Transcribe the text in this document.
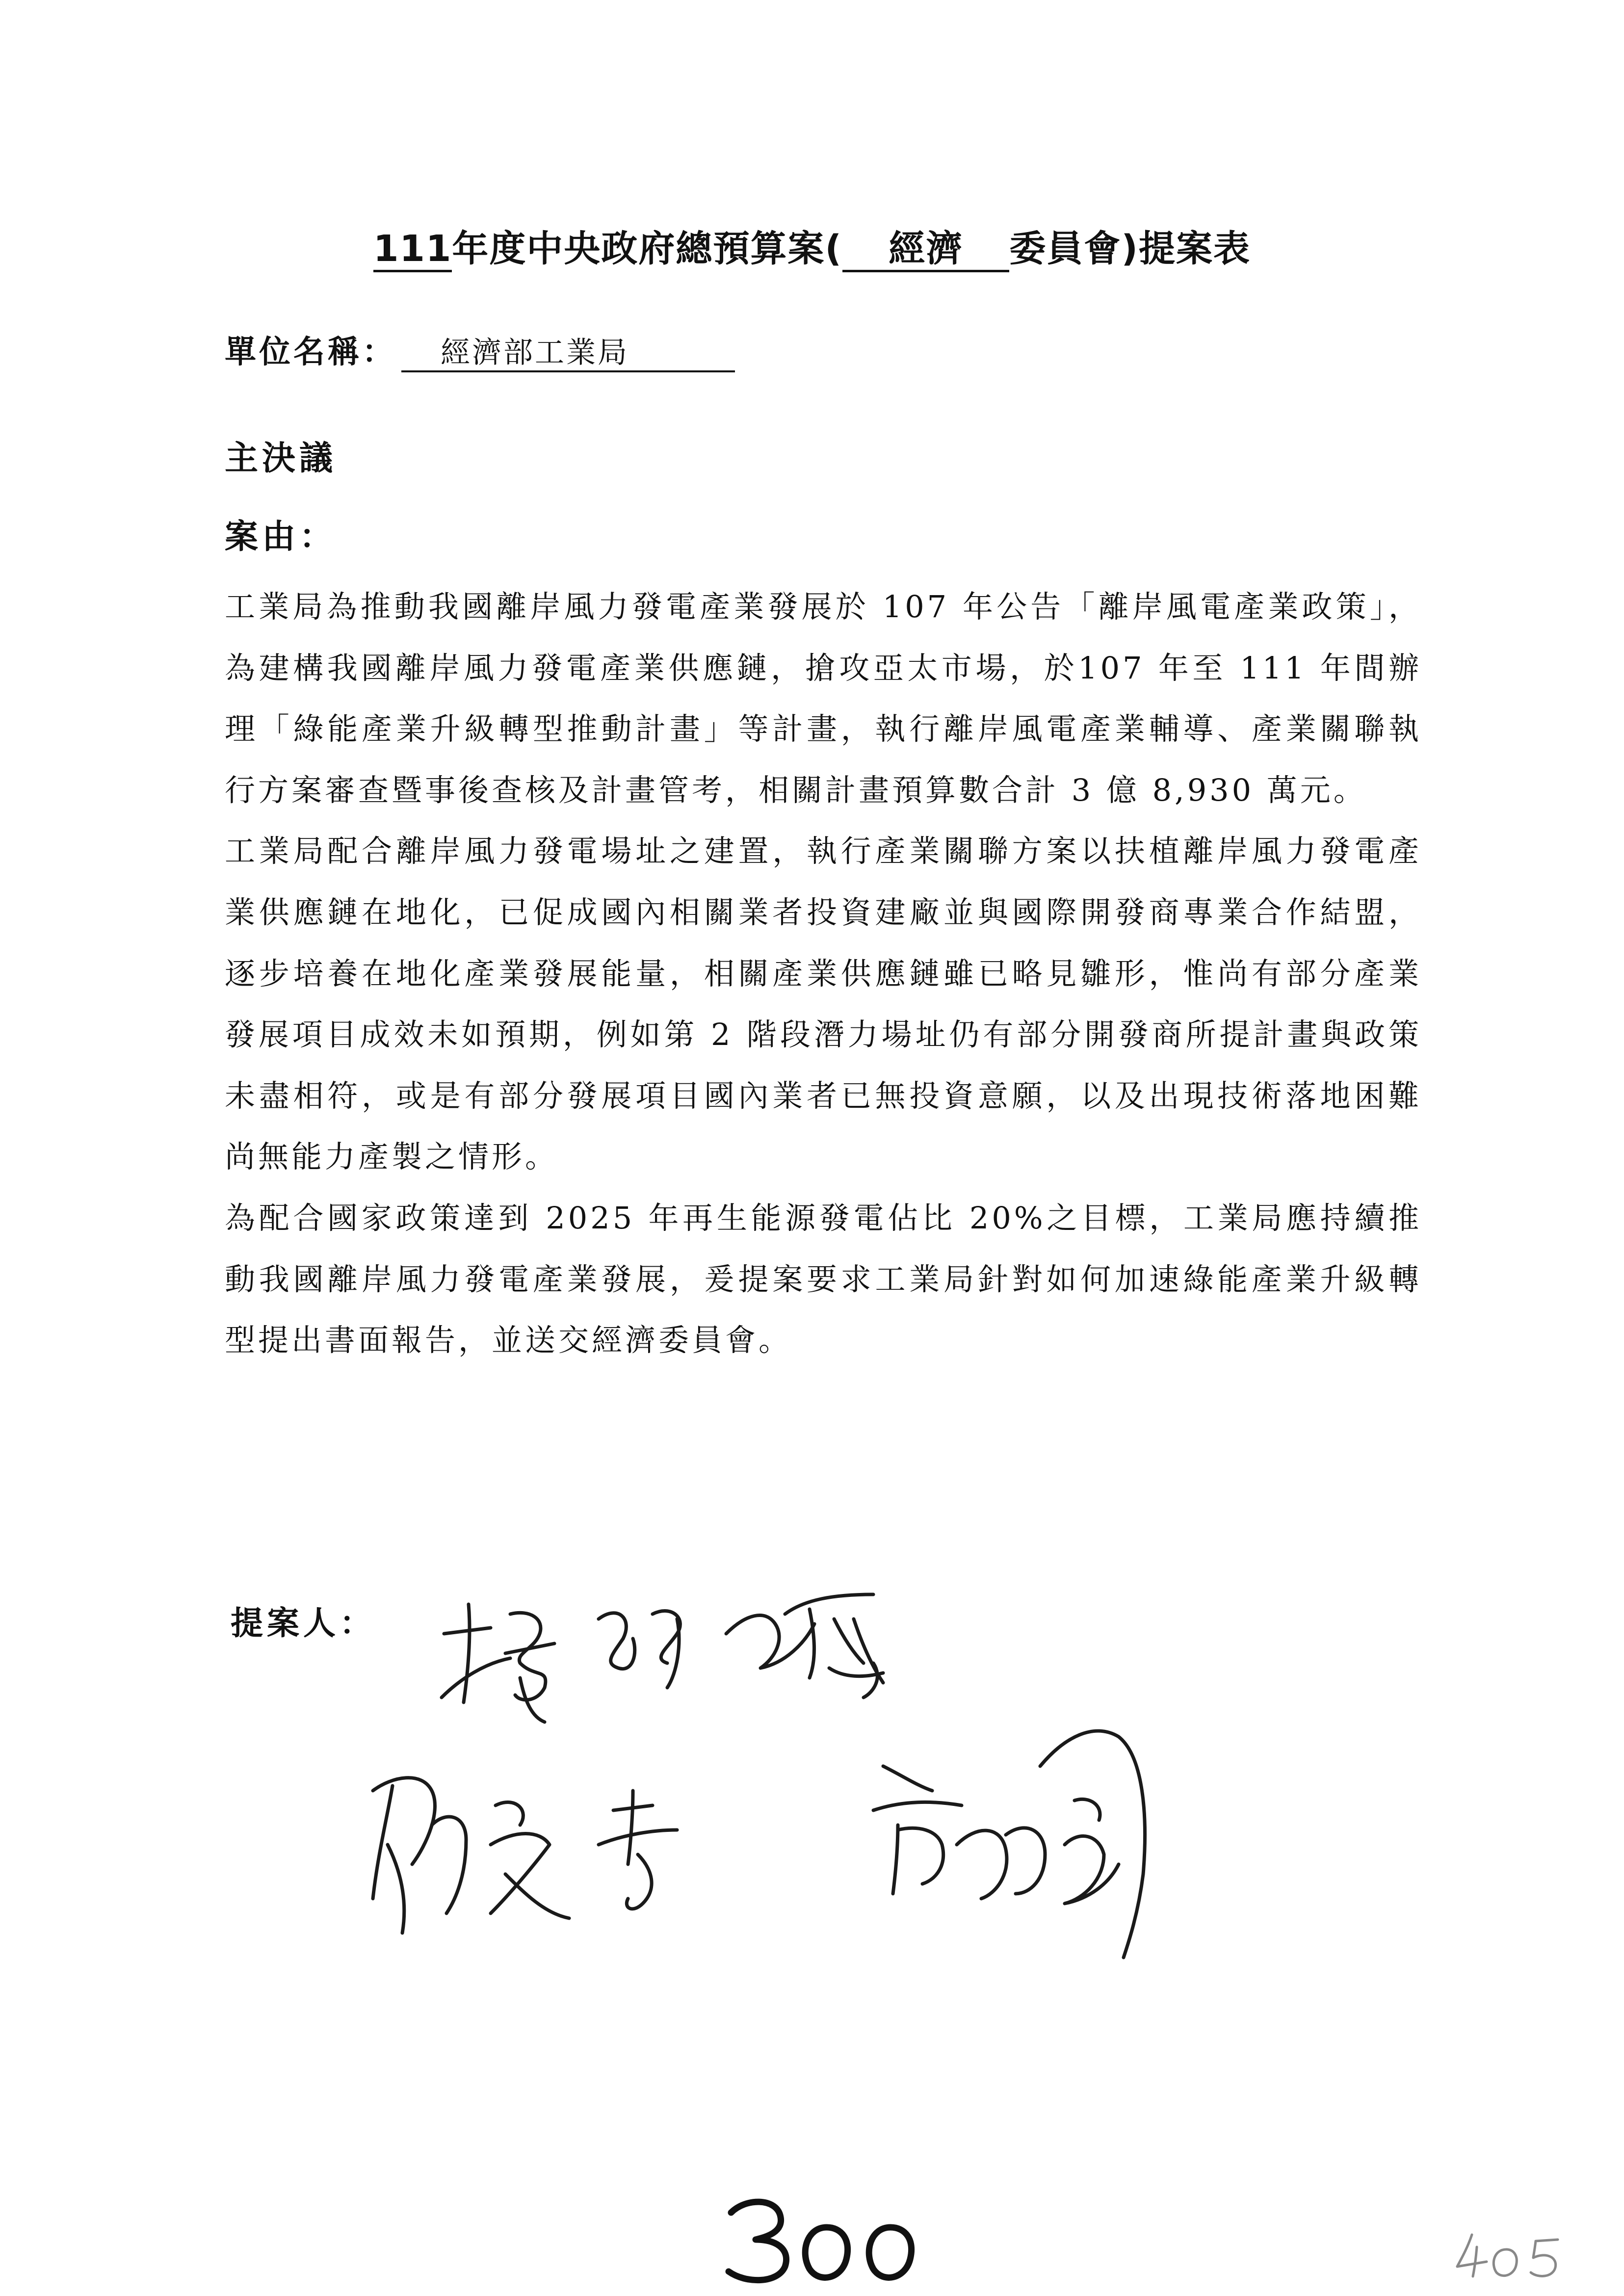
111年度中央政府總預算案( 經濟 委員會)提案表
單位名稱： 經濟部工業局
主決議
案由：

工業局為推動我國離岸風力發電產業發展於 107 年公告「離岸風電產業政策」，為建構我國離岸風力發電產業供應鏈，搶攻亞太市場，於107 年至 111 年間辦理「綠能產業升級轉型推動計畫」等計畫，執行離岸風電產業輔導、產業關聯執行方案審查暨事後查核及計畫管考，相關計畫預算數合計 3 億 8,930 萬元。

工業局配合離岸風力發電場址之建置，執行產業關聯方案以扶植離岸風力發電產業供應鏈在地化，已促成國內相關業者投資建廠並與國際開發商專業合作結盟，逐步培養在地化產業發展能量，相關產業供應鏈雖已略見雛形，惟尚有部分產業發展項目成效未如預期，例如第 2 階段潛力場址仍有部分開發商所提計畫與政策未盡相符，或是有部分發展項目國內業者已無投資意願，以及出現技術落地困難尚無能力產製之情形。

為配合國家政策達到 2025 年再生能源發電佔比 20%之目標，工業局應持續推動我國離岸風力發電產業發展，爰提案要求工業局針對如何加速綠能產業升級轉型提出書面報告，並送交經濟委員會。

提案人：
